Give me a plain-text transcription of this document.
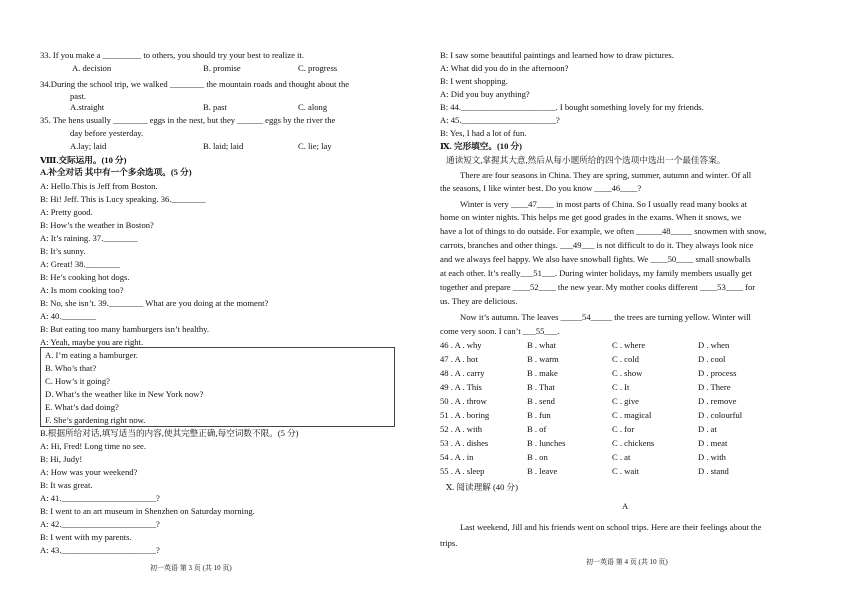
33. If you make a _________ to others, you should try your best to realize it.
A. decision	B. promise	C. progress
34.During the school trip, we walked ________ the mountain roads and thought about the
past.
A.straight	B. past	C. along
35. The hens usually ________ eggs in the nest, but they ______ eggs by the river the
day before yesterday.
A.lay; laid	B. laid; laid	C. lie; lay
Ⅷ.交际运用。(10 分)
A.补全对话 其中有一个多余选项。(5 分)
A: Hello.This is Jeff from Boston.
B: Hi! Jeff. This is Lucy speaking. 36.________
A: Pretty good.
B: How’s the weather in Boston?
A: It’s raining. 37.________
B: It’s sunny.
A: Great! 38.________
B: He’s cooking hot dogs.
A: Is mom cooking too?
B: No, she isn’t. 39.________ What are you doing at the moment?
A: 40.________
B: But eating too many hamburgers isn’t healthy.
A: Yeah, maybe you are right.
A. I’m eating a hamburger.
B. Who’s that?
C. How’s it going?
D. What’s the weather like in New York now?
E. What’s dad doing?
F. She’s gardening right now.
B.根据所给对话,填写适当的内容,使其完整正确,每空词数不限。(5 分)
A: Hi, Fred! Long time no see.
B: Hi, Judy!
A: How was your weekend?
B: It was great.
A: 41.______________________?
B: I went to an art museum in Shenzhen on Saturday morning.
A: 42.______________________?
B: I went with my parents.
A: 43.______________________?
初一英语 第 3 页 (共 10 页)
B: I saw some beautiful paintings and learned how to draw pictures.
A: What did you do in the afternoon?
B: I went shopping.
A: Did you buy anything?
B: 44.______________________. I bought something lovely for my friends.
A: 45.______________________?
B: Yes, I had a lot of fun.
Ⅸ. 完形填空。(10 分)
通读短文,掌握其大意,然后从每小题所给的四个选项中选出一个最佳答案。
There are four seasons in China. They are spring, summer, autumn and winter. Of all
the seasons, I like winter best. Do you know ____46____?
Winter is very ____47____ in most parts of China. So I usually read many books at
home on winter nights. This helps me get good grades in the exams. When it snows, we
have a lot of things to do outside. For example, we often ______48_____ snowmen with snow,
carrots, branches and other things. ___49___ is not difficult to do it. They always look nice
and we always feel happy. We also have snowball fights. We ____50____ small snowballs
at each other. It’s really___51___. During winter holidays, my family members usually get
together and prepare ____52____ the new year. My mother cooks different ____53____ for
us. They are delicious.
Now it’s autumn. The leaves _____54_____ the trees are turning yellow. Winter will
come very soon. I can’t ___55___.
46 . A . why	B . what	C . where	D . when
47 . A . hot	B . warm	C . cold	D . cool
48 . A . carry	B . make	C . show	D . process
49 . A . This	B . That	C . It	D . There
50 . A . throw	B . send	C . give	D . remove
51 . A . boring	B . fun	C . magical	D . colourful
52 . A . with	B . of	C . for	D . at
53 . A . dishes	B . lunches	C . chickens	D . meat
54 . A . in	B . on	C . at	D . with
55 . A . sleep	B . leave	C . wait	D . stand
Ⅹ. 阅读理解 (40 分)
A
Last weekend, Jill and his friends went on school trips. Here are their feelings about the
trips.
初一英语 第 4 页 (共 10 页)
